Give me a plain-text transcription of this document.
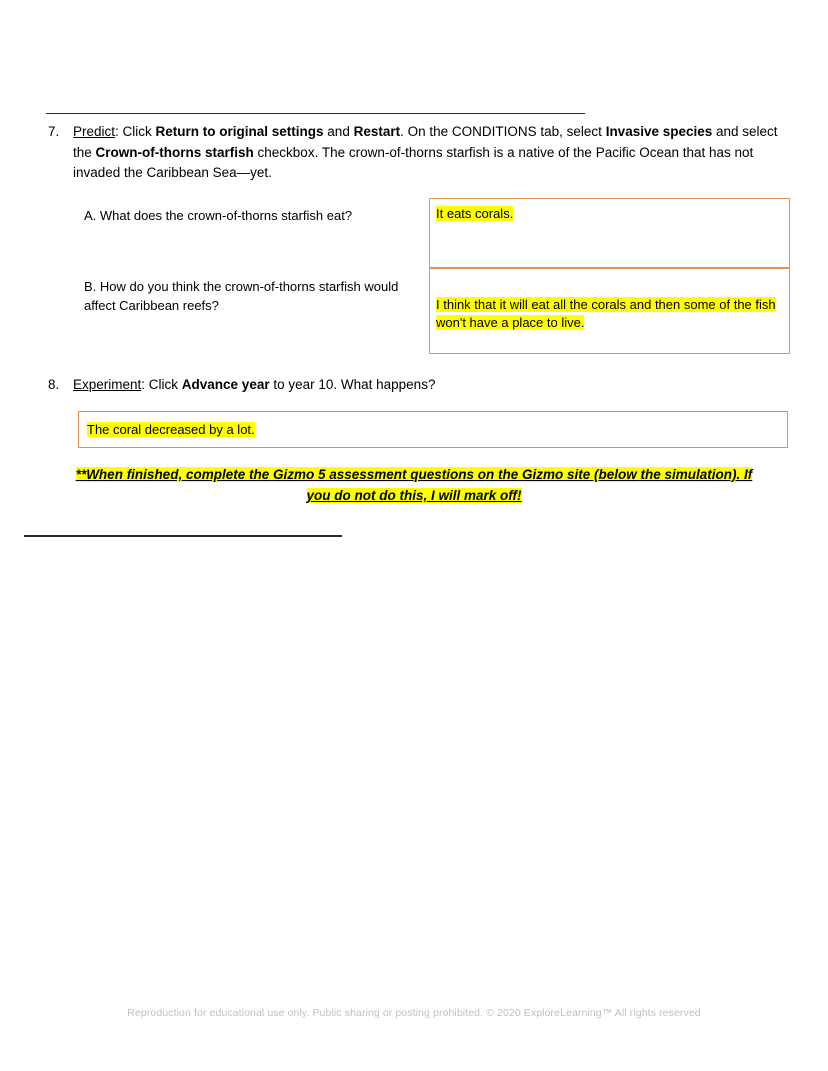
7.	Predict: Click Return to original settings and Restart. On the CONDITIONS tab, select Invasive species and select the Crown-of-thorns starfish checkbox. The crown-of-thorns starfish is a native of the Pacific Ocean that has not invaded the Caribbean Sea—yet.
A. What does the crown-of-thorns starfish eat?	It eats corals.
B. How do you think the crown-of-thorns starfish would affect Caribbean reefs?	I think that it will eat all the corals and then some of the fish won't have a place to live.
8.	Experiment: Click Advance year to year 10. What happens?
The coral decreased by a lot.
**When finished, complete the Gizmo 5 assessment questions on the Gizmo site (below the simulation). If
you do not do this, I will mark off!
Reproduction for educational use only. Public sharing or posting prohibited. © 2020 ExploreLearning™ All rights reserved
